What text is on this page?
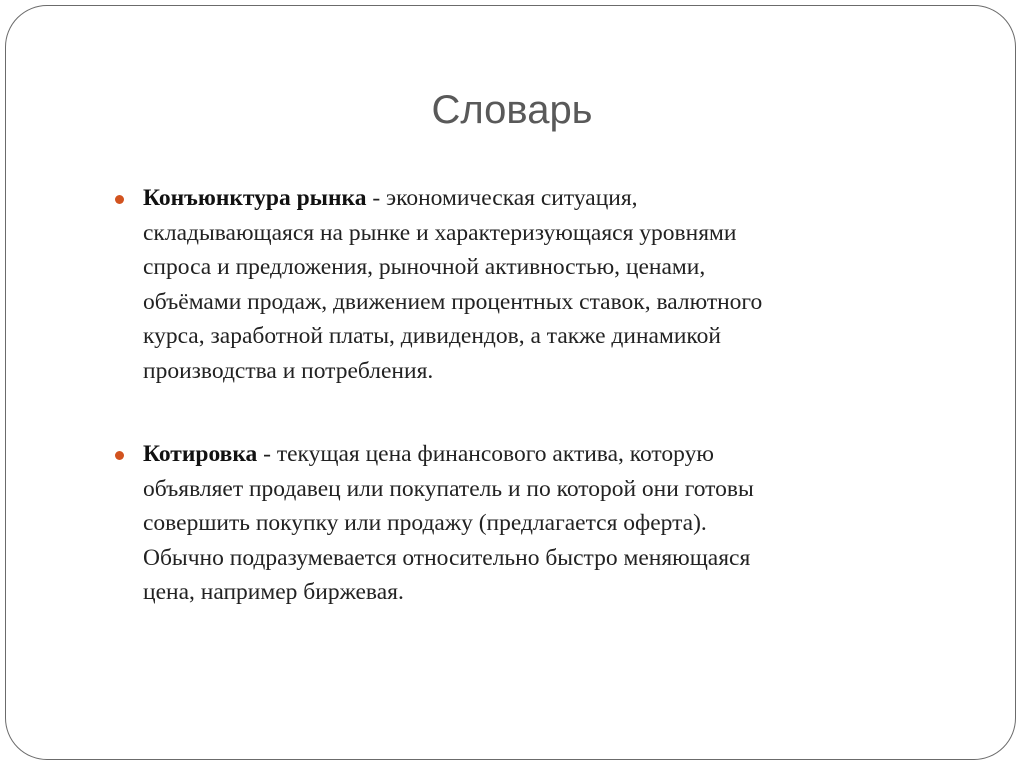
Словарь
Конъюнктура рынка - экономическая ситуация,
складывающаяся на рынке и характеризующаяся уровнями
спроса и предложения, рыночной активностью, ценами,
объёмами продаж, движением процентных ставок, валютного
курса, заработной платы, дивидендов, а также динамикой
производства и потребления.
Котировка - текущая цена финансового актива, которую
объявляет продавец или покупатель и по которой они готовы
совершить покупку или продажу (предлагается оферта).
Обычно подразумевается относительно быстро меняющаяся
цена, например биржевая.
